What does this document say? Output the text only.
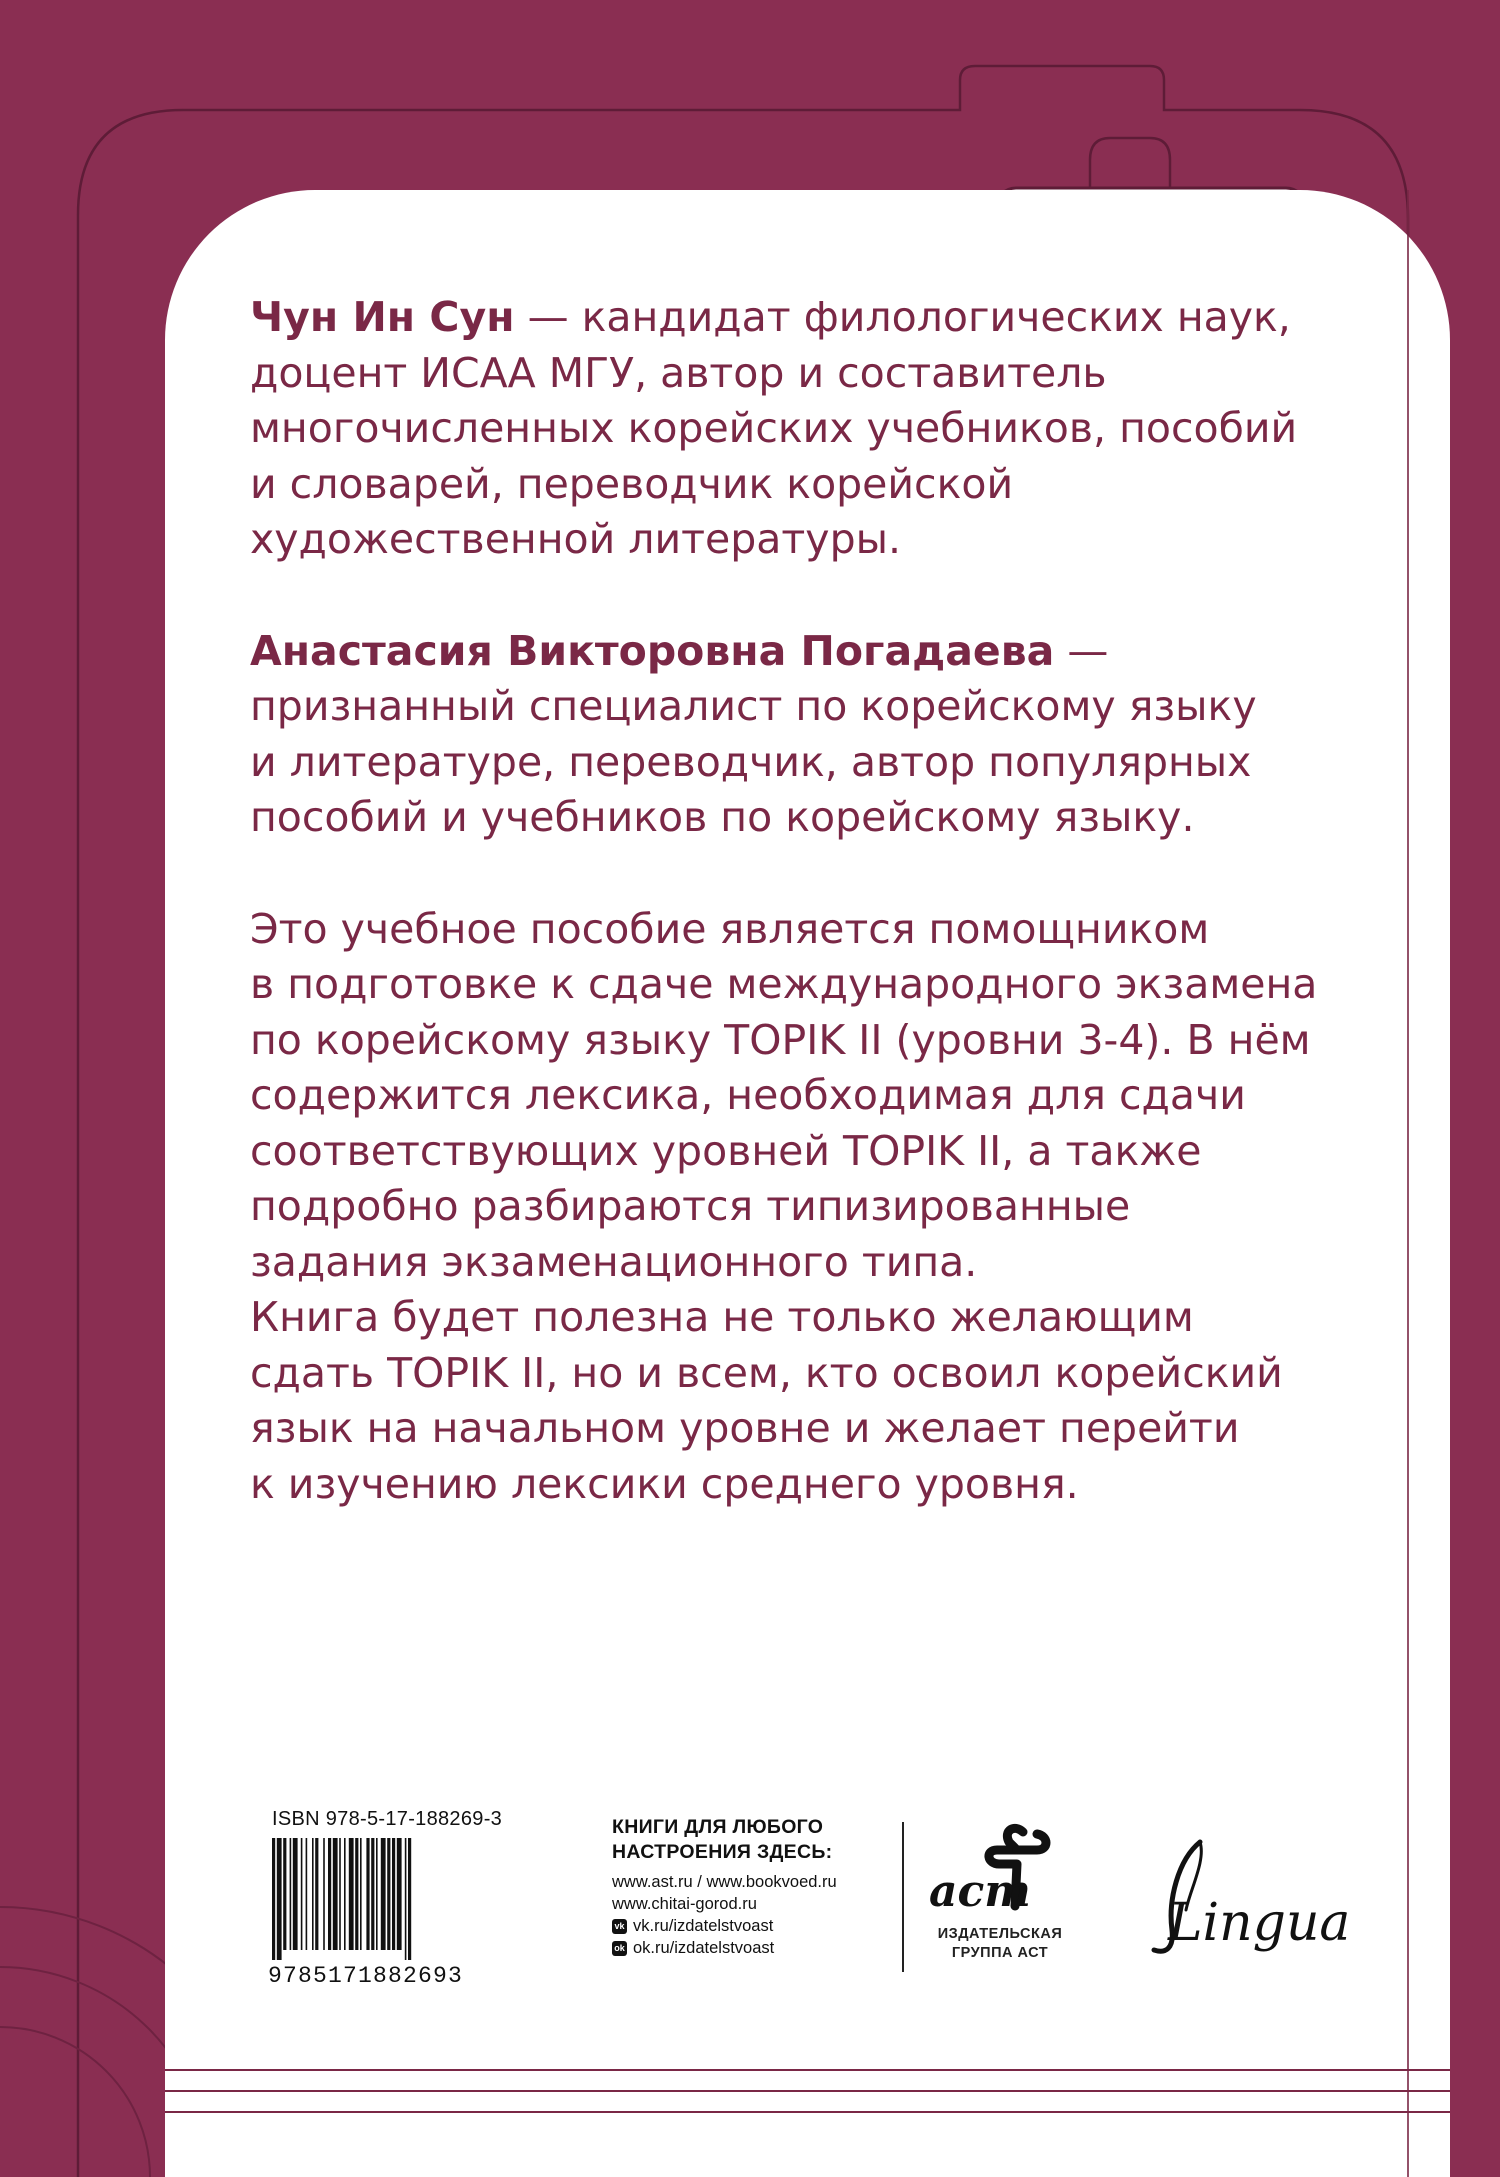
Чун Ин Сун — кандидат филологических наук,
доцент ИСАА МГУ, автор и составитель
многочисленных корейских учебников, пособий
и словарей, переводчик корейской
художественной литературы.

Анастасия Викторовна Погадаева —
признанный специалист по корейскому языку
и литературе, переводчик, автор популярных
пособий и учебников по корейскому языку.

Это учебное пособие является помощником
в подготовке к сдаче международного экзамена
по корейскому языку TOPIK II (уровни 3-4). В нём
содержится лексика, необходимая для сдачи
соответствующих уровней TOPIK II, а также
подробно разбираются типизированные
задания экзаменационного типа.
Книга будет полезна не только желающим
сдать TOPIK II, но и всем, кто освоил корейский
язык на начальном уровне и желает перейти
к изучению лексики среднего уровня.

ISBN 978-5-17-188269-3
9785171882693
КНИГИ ДЛЯ ЛЮБОГО
НАСТРОЕНИЯ ЗДЕСЬ:
www.ast.ru / www.bookvoed.ru
www.chitai-gorod.ru
vk vk.ru/izdatelstvoast
ok ok.ru/izdatelstvoast
аст
ИЗДАТЕЛЬСКАЯ
ГРУППА АСТ	Lingua
